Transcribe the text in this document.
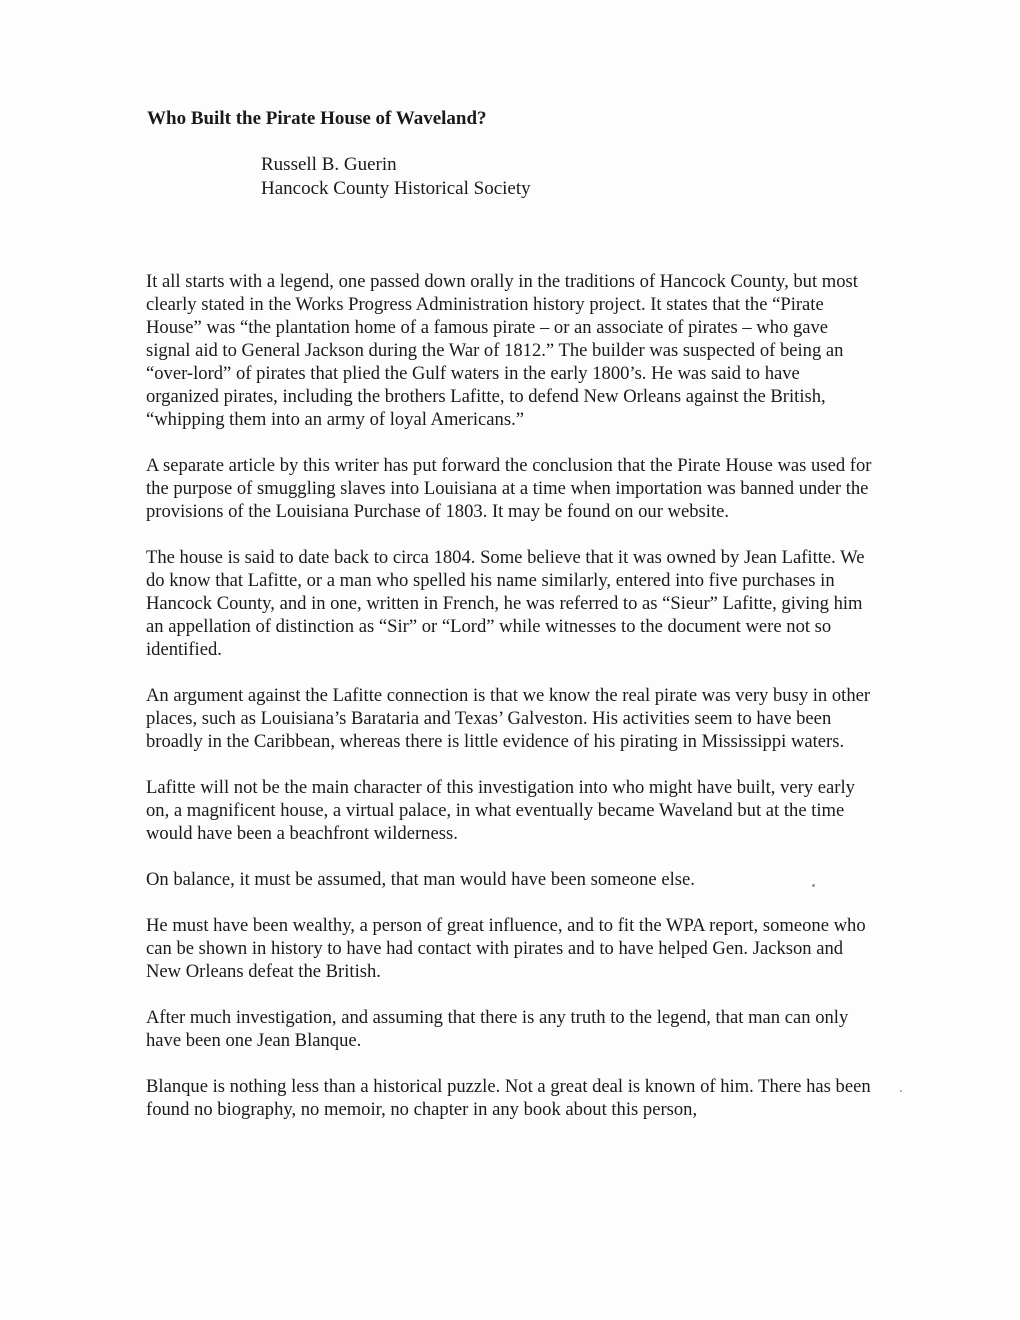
Who Built the Pirate House of Waveland?
Russell B. Guerin
Hancock County Historical Society

It all starts with a legend, one passed down orally in the traditions of Hancock County, but most clearly stated in the Works Progress Administration history project. It states that the “Pirate House” was “the plantation home of a famous pirate – or an associate of pirates – who gave signal aid to General Jackson during the War of 1812.” The builder was suspected of being an “over-lord” of pirates that plied the Gulf waters in the early 1800’s. He was said to have organized pirates, including the brothers Lafitte, to defend New Orleans against the British, “whipping them into an army of loyal Americans.”

A separate article by this writer has put forward the conclusion that the Pirate House was used for the purpose of smuggling slaves into Louisiana at a time when importation was banned under the provisions of the Louisiana Purchase of 1803. It may be found on our website.

The house is said to date back to circa 1804. Some believe that it was owned by Jean Lafitte. We do know that Lafitte, or a man who spelled his name similarly, entered into five purchases in Hancock County, and in one, written in French, he was referred to as “Sieur” Lafitte, giving him an appellation of distinction as “Sir” or “Lord” while witnesses to the document were not so identified.

An argument against the Lafitte connection is that we know the real pirate was very busy in other places, such as Louisiana’s Barataria and Texas’ Galveston. His activities seem to have been broadly in the Caribbean, whereas there is little evidence of his pirating in Mississippi waters.

Lafitte will not be the main character of this investigation into who might have built, very early on, a magnificent house, a virtual palace, in what eventually became Waveland but at the time would have been a beachfront wilderness.

On balance, it must be assumed, that man would have been someone else.

He must have been wealthy, a person of great influence, and to fit the WPA report, someone who can be shown in history to have had contact with pirates and to have helped Gen. Jackson and New Orleans defeat the British.

After much investigation, and assuming that there is any truth to the legend, that man can only have been one Jean Blanque.

Blanque is nothing less than a historical puzzle. Not a great deal is known of him. There has been found no biography, no memoir, no chapter in any book about this person,
